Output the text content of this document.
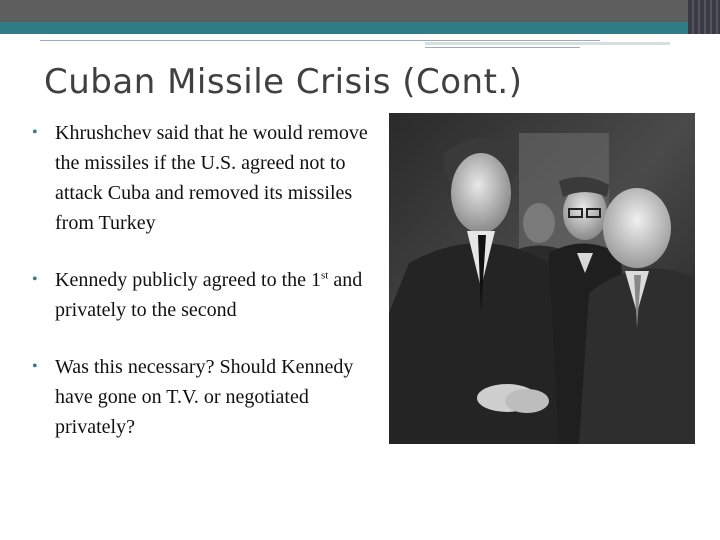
Cuban Missile Crisis (Cont.)
• Khrushchev said that he would remove the missiles if the U.S. agreed not to attack Cuba and removed its missiles from Turkey
• Kennedy publicly agreed to the 1st and privately to the second
• Was this necessary? Should Kennedy have gone on T.V. or negotiated privately?
